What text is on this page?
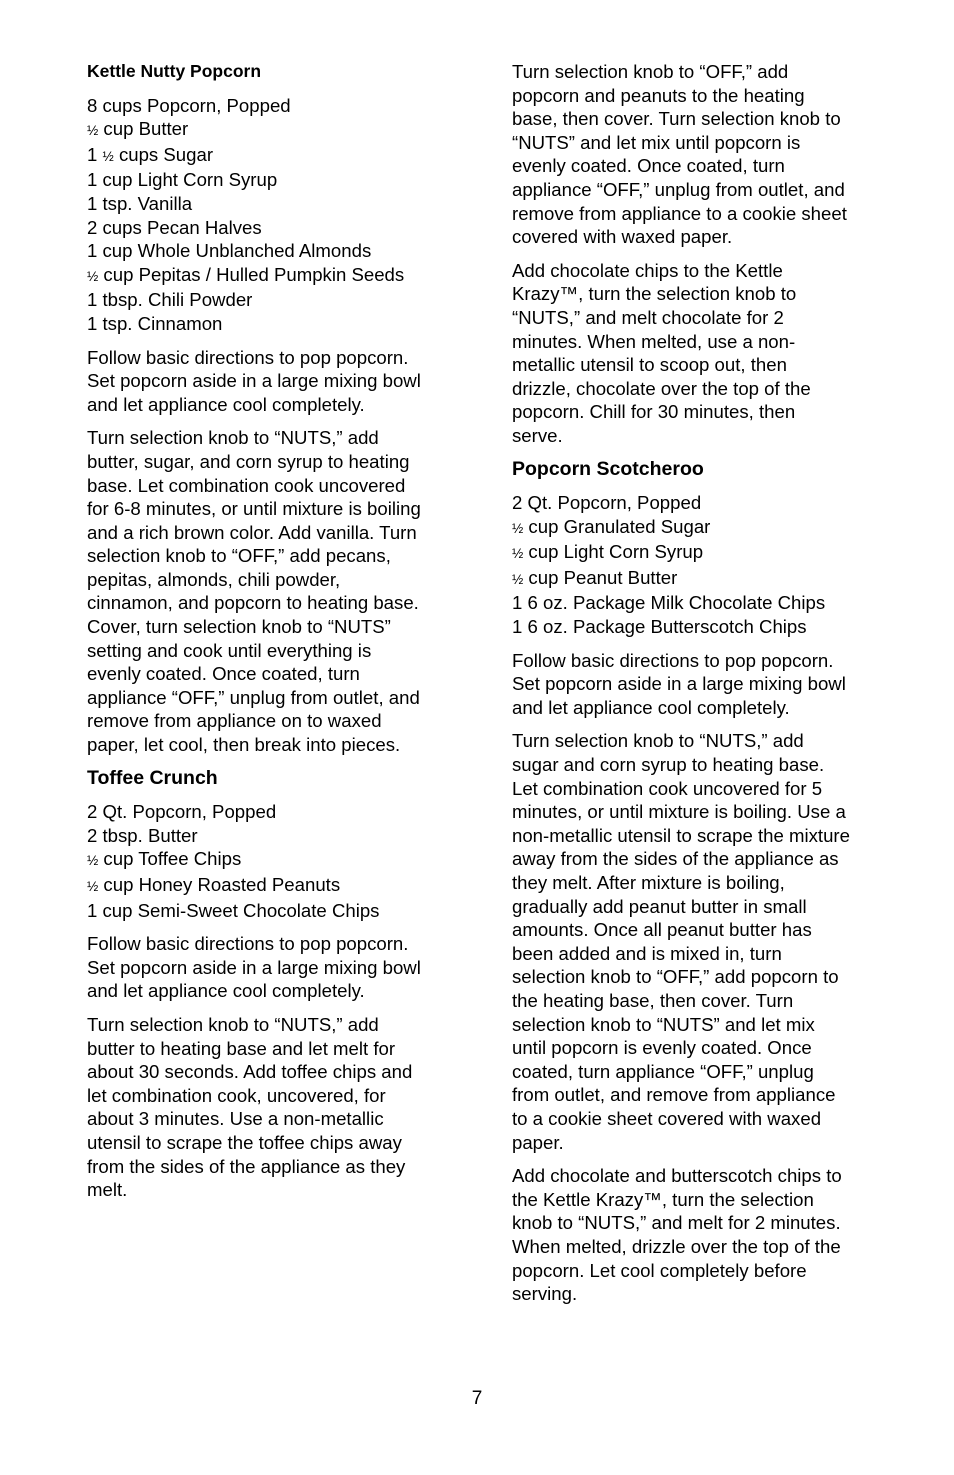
Kettle Nutty Popcorn
8 cups Popcorn, Popped
½ cup Butter
1 ½ cups Sugar
1 cup Light Corn Syrup
1 tsp. Vanilla
2 cups Pecan Halves
1 cup Whole Unblanched Almonds
½ cup Pepitas / Hulled Pumpkin Seeds
1 tbsp. Chili Powder
1 tsp. Cinnamon

Follow basic directions to pop popcorn.
Set popcorn aside in a large mixing bowl
and let appliance cool completely.

Turn selection knob to “NUTS,” add
butter, sugar, and corn syrup to heating
base. Let combination cook uncovered
for 6-8 minutes, or until mixture is boiling
and a rich brown color. Add vanilla. Turn
selection knob to “OFF,” add pecans,
pepitas, almonds, chili powder,
cinnamon, and popcorn to heating base.
Cover, turn selection knob to “NUTS”
setting and cook until everything is
evenly coated. Once coated, turn
appliance “OFF,” unplug from outlet, and
remove from appliance on to waxed
paper, let cool, then break into pieces.

Toffee Crunch
2 Qt. Popcorn, Popped
2 tbsp. Butter
½ cup Toffee Chips
½ cup Honey Roasted Peanuts
1 cup Semi-Sweet Chocolate Chips

Follow basic directions to pop popcorn.
Set popcorn aside in a large mixing bowl
and let appliance cool completely.

Turn selection knob to “NUTS,” add
butter to heating base and let melt for
about 30 seconds. Add toffee chips and
let combination cook, uncovered, for
about 3 minutes. Use a non-metallic
utensil to scrape the toffee chips away
from the sides of the appliance as they
melt.

Turn selection knob to “OFF,” add
popcorn and peanuts to the heating
base, then cover. Turn selection knob to
“NUTS” and let mix until popcorn is
evenly coated. Once coated, turn
appliance “OFF,” unplug from outlet, and
remove from appliance to a cookie sheet
covered with waxed paper.

Add chocolate chips to the Kettle
Krazy™, turn the selection knob to
“NUTS,” and melt chocolate for 2
minutes. When melted, use a non-
metallic utensil to scoop out, then
drizzle, chocolate over the top of the
popcorn. Chill for 30 minutes, then
serve.

Popcorn Scotcheroo
2 Qt. Popcorn, Popped
½ cup Granulated Sugar
½ cup Light Corn Syrup
½ cup Peanut Butter
1 6 oz. Package Milk Chocolate Chips
1 6 oz. Package Butterscotch Chips

Follow basic directions to pop popcorn.
Set popcorn aside in a large mixing bowl
and let appliance cool completely.

Turn selection knob to “NUTS,” add
sugar and corn syrup to heating base.
Let combination cook uncovered for 5
minutes, or until mixture is boiling. Use a
non-metallic utensil to scrape the mixture
away from the sides of the appliance as
they melt. After mixture is boiling,
gradually add peanut butter in small
amounts. Once all peanut butter has
been added and is mixed in, turn
selection knob to “OFF,” add popcorn to
the heating base, then cover. Turn
selection knob to “NUTS” and let mix
until popcorn is evenly coated. Once
coated, turn appliance “OFF,” unplug
from outlet, and remove from appliance
to a cookie sheet covered with waxed
paper.

Add chocolate and butterscotch chips to
the Kettle Krazy™, turn the selection
knob to “NUTS,” and melt for 2 minutes.
When melted, drizzle over the top of the
popcorn. Let cool completely before
serving.

7
